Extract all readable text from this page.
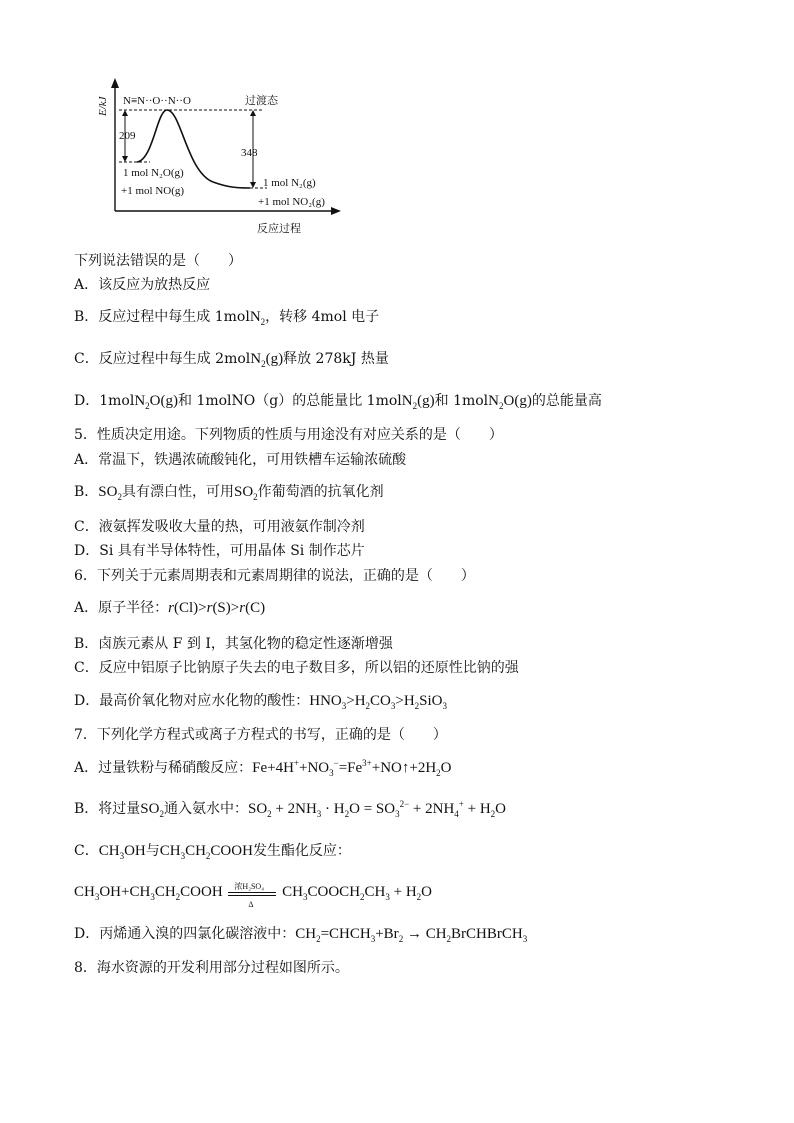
E/kJ
反应过程
209
348
N≡N··O··N··O	过渡态
1 mol N₂O(g)
+1 mol NO(g)
1 mol N₂(g)
+1 mol NO₂(g)
下列说法错误的是（　　）
A．该反应为放热反应
B．反应过程中每生成 1molN$_2$，转移 4mol 电子
C．反应过程中每生成 2molN$_2$(g)释放 278kJ 热量
D．1molN$_2$O(g)和 1molNO（g）的总能量比 1molN$_2$(g)和 1molN$_2$O(g)的总能量高
5．性质决定用途。下列物质的性质与用途没有对应关系的是（　　）
A．常温下，铁遇浓硫酸钝化，可用铁槽车运输浓硫酸
B．$SO_2$具有漂白性，可用$SO_2$作葡萄酒的抗氧化剂
C．液氨挥发吸收大量的热，可用液氨作制冷剂
D．Si 具有半导体特性，可用晶体 Si 制作芯片
6．下列关于元素周期表和元素周期律的说法，正确的是（　　）
A．原子半径：r(Cl)>r(S)>r(C)
B．卤族元素从 F 到 I，其氢化物的稳定性逐渐增强
C．反应中铝原子比钠原子失去的电子数目多，所以铝的还原性比钠的强
D．最高价氧化物对应水化物的酸性：$HNO_3>H_2CO_3>H_2SiO_3$
7．下列化学方程式或离子方程式的书写，正确的是（　　）
A．过量铁粉与稀硝酸反应：$Fe+4H^++NO_3^-=Fe^{3+}+NO↑+2H_2O$
B．将过量$SO_2$通入氨水中：$SO_2 + 2NH_3 \cdot H_2O = SO_3^{2-} + 2NH_4^+ + H_2O$
C．$CH_3OH$与$CH_3CH_2COOH$发生酯化反应：
$CH_3OH+CH_3CH_2COOH$ 浓H₂SO₄
Δ
$CH_3COOCH_2CH_3 + H_2O$
D．丙烯通入溴的四氯化碳溶液中：$CH_2=CHCH_3+Br_2$ → $CH_2BrCHBrCH_3$
8．海水资源的开发利用部分过程如图所示。
